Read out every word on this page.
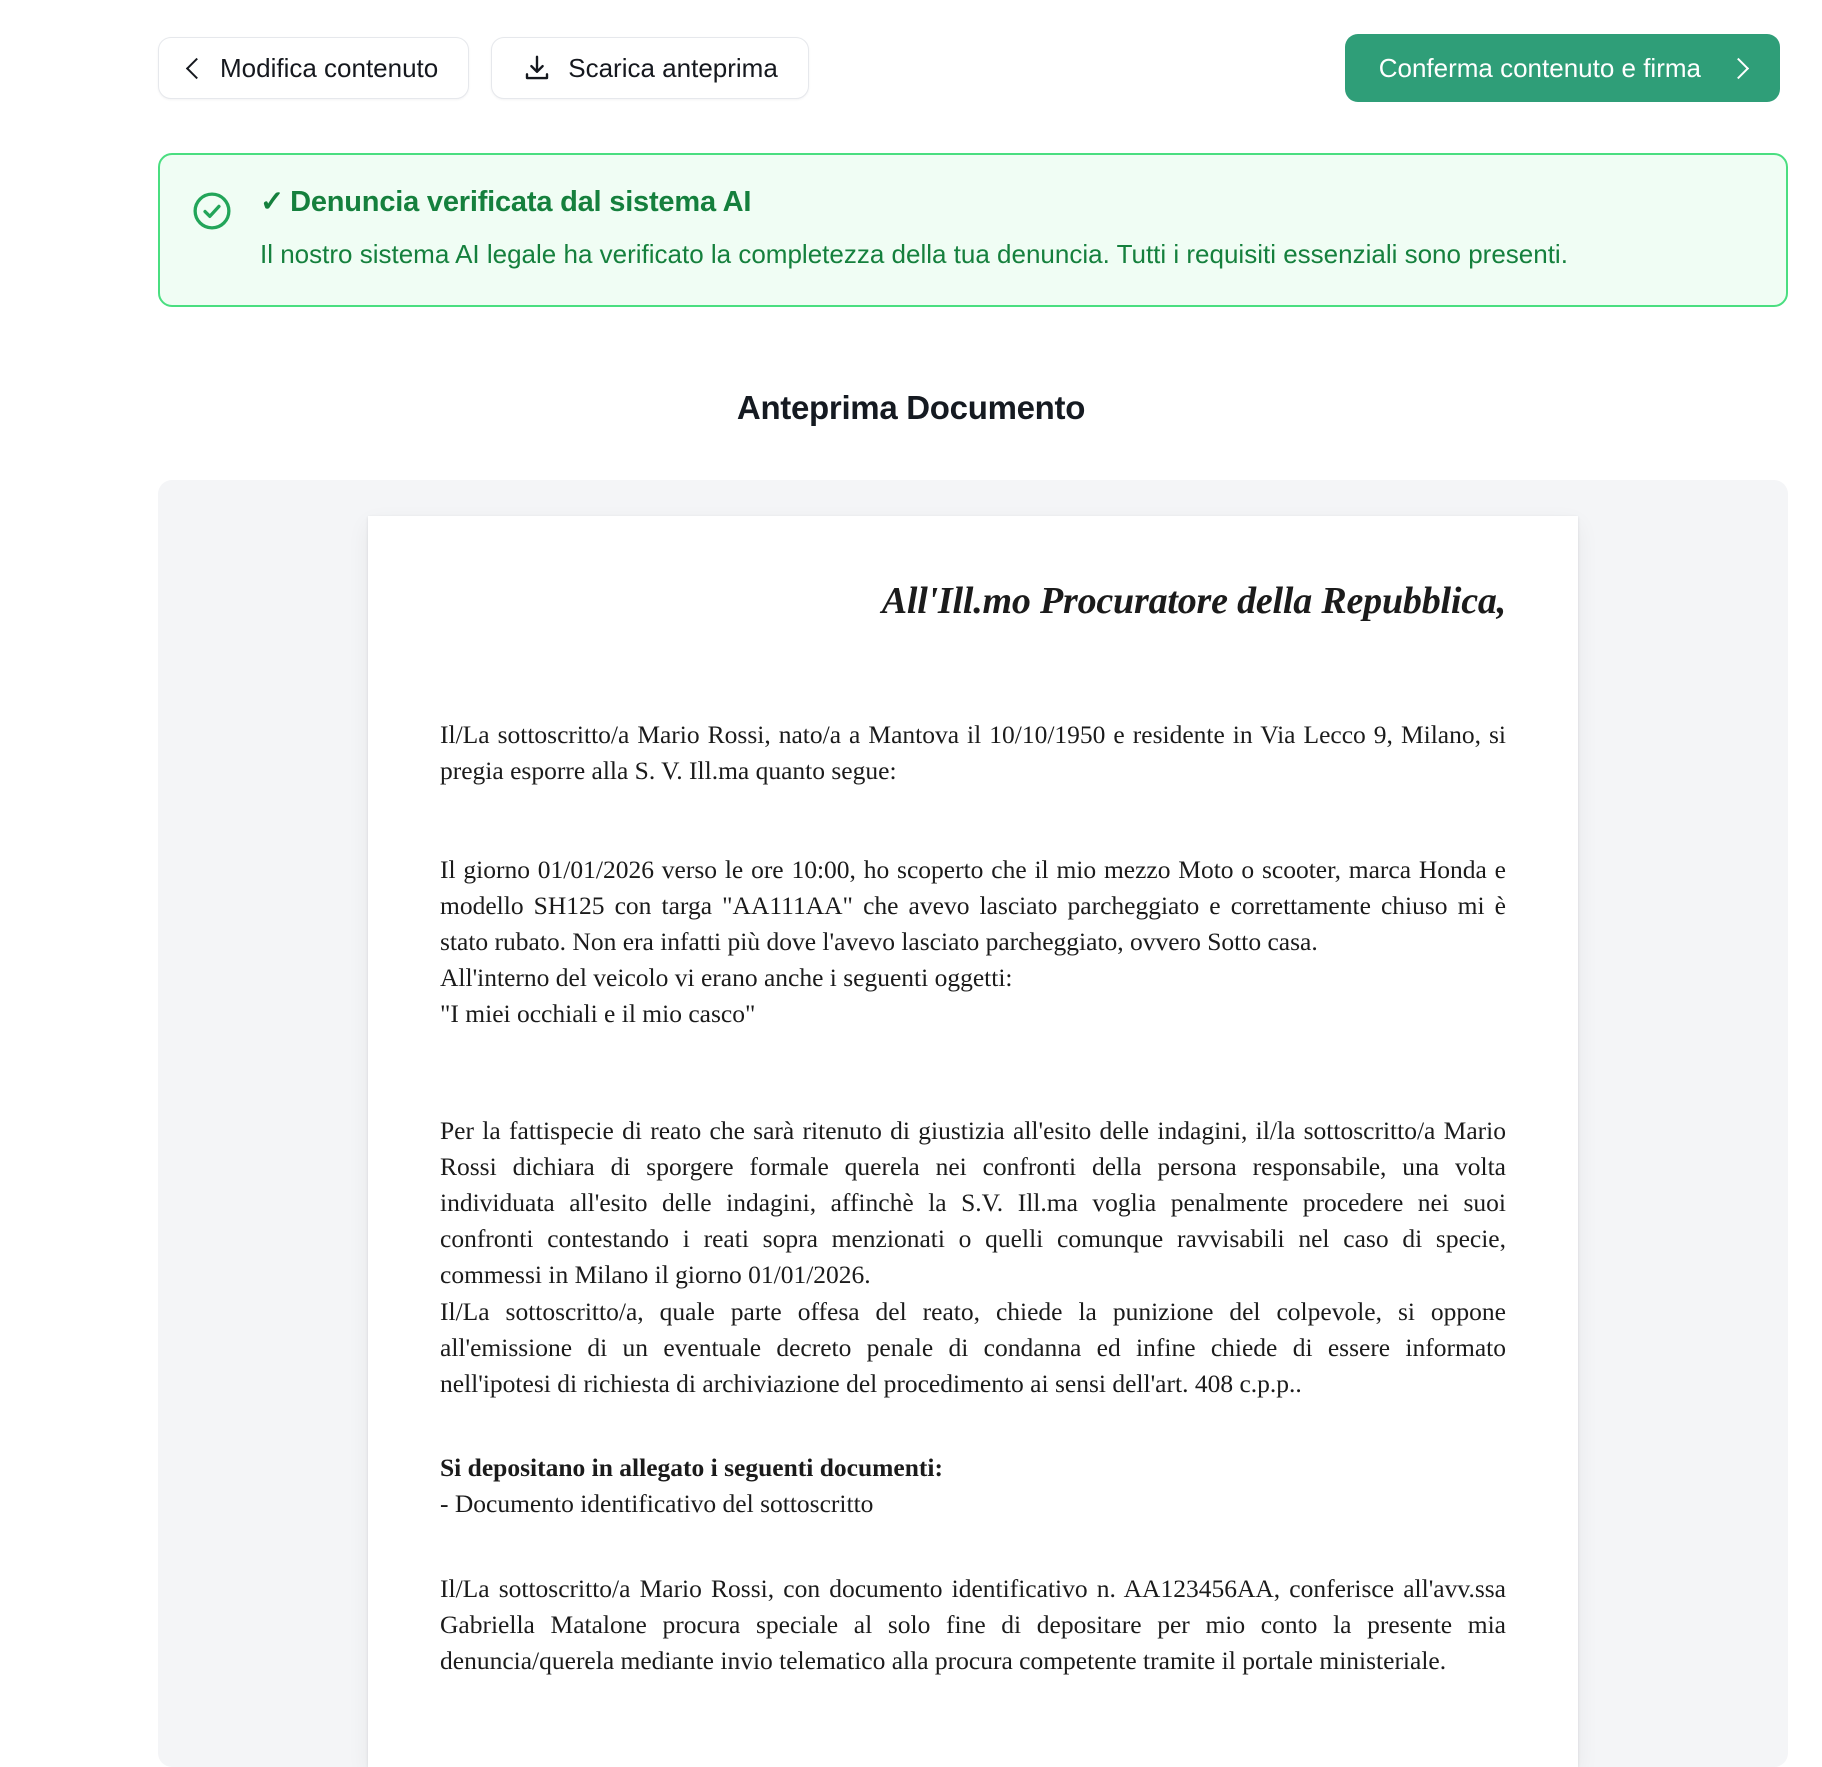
Modifica contenuto	Scarica anteprima	Conferma contenuto e firma
✓ Denuncia verificata dal sistema AI
Il nostro sistema AI legale ha verificato la completezza della tua denuncia. Tutti i requisiti essenziali sono presenti.
Anteprima Documento
All'Ill.mo Procuratore della Repubblica,

Il/La sottoscritto/a Mario Rossi, nato/a a Mantova il 10/10/1950 e residente in Via Lecco 9, Milano, si pregia esporre alla S. V. Ill.ma quanto segue:

Il giorno 01/01/2026 verso le ore 10:00, ho scoperto che il mio mezzo Moto o scooter, marca Honda e modello SH125 con targa "AA111AA" che avevo lasciato parcheggiato e correttamente chiuso mi è stato rubato. Non era infatti più dove l'avevo lasciato parcheggiato, ovvero Sotto casa.

All'interno del veicolo vi erano anche i seguenti oggetti:

"I miei occhiali e il mio casco"

Per la fattispecie di reato che sarà ritenuto di giustizia all'esito delle indagini, il/la sottoscritto/a Mario Rossi dichiara di sporgere formale querela nei confronti della persona responsabile, una volta individuata all'esito delle indagini, affinchè la S.V. Ill.ma voglia penalmente procedere nei suoi confronti contestando i reati sopra menzionati o quelli comunque ravvisabili nel caso di specie, commessi in Milano il giorno 01/01/2026.

Il/La sottoscritto/a, quale parte offesa del reato, chiede la punizione del colpevole, si oppone all'emissione di un eventuale decreto penale di condanna ed infine chiede di essere informato nell'ipotesi di richiesta di archiviazione del procedimento ai sensi dell'art. 408 c.p.p..

Si depositano in allegato i seguenti documenti:

- Documento identificativo del sottoscritto

Il/La sottoscritto/a Mario Rossi, con documento identificativo n. AA123456AA, conferisce all'avv.ssa Gabriella Matalone procura speciale al solo fine di depositare per mio conto la presente mia denuncia/querela mediante invio telematico alla procura competente tramite il portale ministeriale.
